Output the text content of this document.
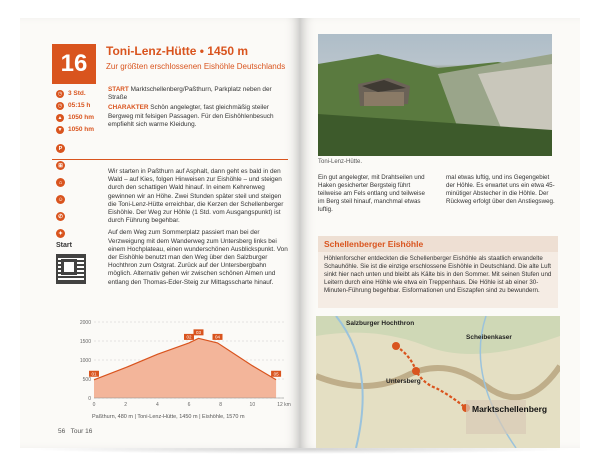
16	Toni-Lenz-Hütte • 1450 m
Zur größten erschlossenen Eishöhle Deutschlands
◷ 3 Std.
◷ 05:15 h
▲ 1050 hm
▼ 1050 hm
P
⊞
⌂
☺
✆
✦

START Marktschellenberg/Paßthurn, Parkplatz neben der Straße

CHARAKTER Schön angelegter, fast gleichmäßig steiler Bergweg mit felsigen Passagen. Für den Eishöhlenbesuch empfiehlt sich warme Kleidung.

Wir starten in Paßthurn auf Asphalt, dann geht es bald in den Wald – auf Kies, folgen Hinweisen zur Eishöhle – und steigen durch den schattigen Wald hinauf. In einem Kehrenweg gewinnen wir an Höhe. Zwei Stunden später steil und steigen die Toni-Lenz-Hütte erreichbar, die Kerzen der Schellenberger Eishöhle. Der Weg zur Höhle (1 Std. vom Ausgangspunkt) ist durch Führung begehbar.

Auf dem Weg zum Sommerplatz passiert man bei der Verzweigung mit dem Wanderweg zum Untersberg links bei einem Hochplateau, einen wunderschönen Ausblickspunkt. Von der Eishöhle benutzt man den Weg über den Salzburger Hochthron zum Ostgrat. Zurück auf der Untersbergbahn möglich. Alternativ gehen wir zwischen schönen Almen und entlang den Thomas-Eder-Steig zur Mittagsscharte hinauf.

Start
2000
1500
1000
500
0
0	2	4	6	8	10	12 km
01
02
03
04
05
Paßthurn, 480 m | Toni-Lenz-Hütte, 1450 m | Eishöhle, 1570 m
56 Tour 16
Toni-Lenz-Hütte.
Ein gut angelegter, mit Drahtseilen und Haken gesicherter Bergsteig führt teilweise am Fels entlang und teilweise im Berg steil hinauf, manchmal etwas luftig.
mal etwas luftig, und ins Gegengebiet der Höhle. Es erwartet uns ein etwa 45-minütiger Abstecher in die Höhle. Der Rückweg erfolgt über den Anstiegsweg.
Schellenberger Eishöhle
Höhlenforscher entdeckten die Schellenberger Eishöhle als staatlich erwandelte Schauhöhle. Sie ist die einzige erschlossene Eishöhle in Deutschland. Die alte Luft sinkt hier nach unten und bleibt als Kälte bis in den Sommer. Mit seinen Stufen und Leitern durch eine Höhle wie etwa ein Treppenhaus. Die Höhle ist ab einer 30-Minuten-Führung begehbar. Eisformationen und Eiszapfen sind zu bewundern.
Salzburger Hochthron
Untersberg
Scheibenkaser
Marktschellenberg
